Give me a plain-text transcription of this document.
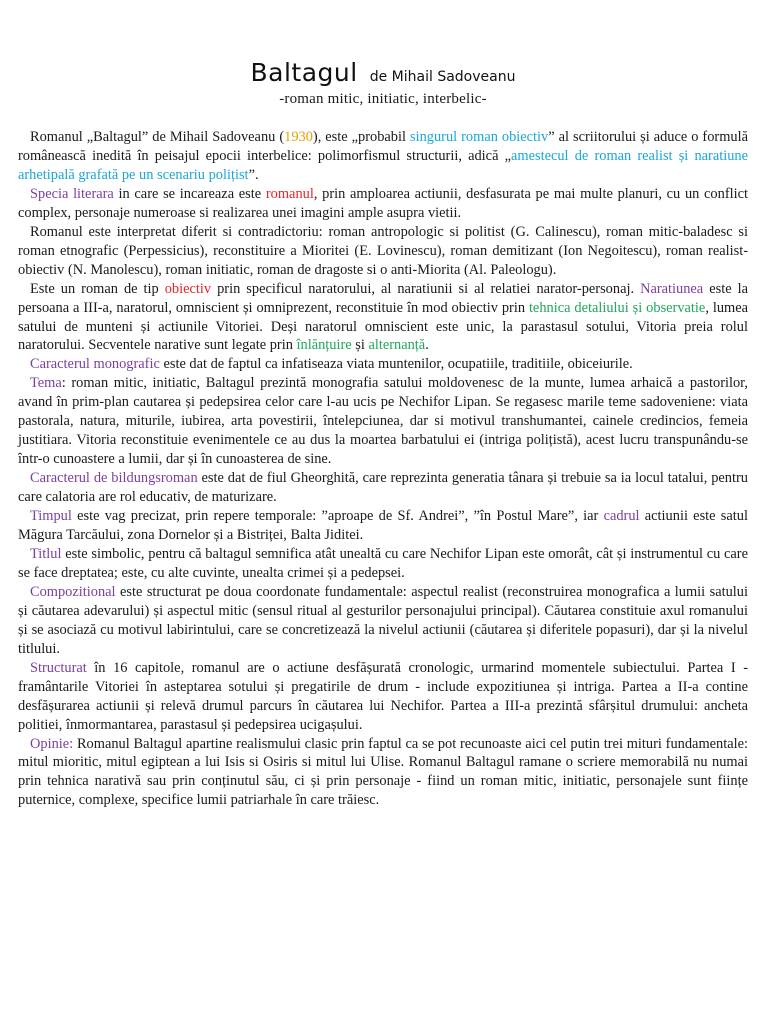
Baltagul de Mihail Sadoveanu
-roman mitic, initiatic, interbelic-

Romanul „Baltagul” de Mihail Sadoveanu (1930), este „probabil singurul roman obiectiv” al scriitorului și aduce o formulă românească inedită în peisajul epocii interbelice: polimorfismul structurii, adică „amestecul de roman realist și naratiune arhetipală grafată pe un scenariu polițist”.

Specia literara in care se incareaza este romanul, prin amploarea actiunii, desfasurata pe mai multe planuri, cu un conflict complex, personaje numeroase si realizarea unei imagini ample asupra vietii.

Romanul este interpretat diferit si contradictoriu: roman antropologic si politist (G. Calinescu), roman mitic-baladesc si roman etnografic (Perpessicius), reconstituire a Mioritei (E. Lovinescu), roman demitizant (Ion Negoitescu), roman realist-obiectiv (N. Manolescu), roman initiatic, roman de dragoste si o anti-Miorita (Al. Paleologu).

Este un roman de tip obiectiv prin specificul naratorului, al naratiunii si al relatiei narator-personaj. Naratiunea este la persoana a III-a, naratorul, omniscient și omniprezent, reconstituie în mod obiectiv prin tehnica detaliului și observatie, lumea satului de munteni și actiunile Vitoriei. Deși naratorul omniscient este unic, la parastasul sotului, Vitoria preia rolul naratorului. Secventele narative sunt legate prin înlănțuire și alternanță.

Caracterul monografic este dat de faptul ca infatiseaza viata muntenilor, ocupatiile, traditiile, obiceiurile.

Tema: roman mitic, initiatic, Baltagul prezintă monografia satului moldovenesc de la munte, lumea arhaică a pastorilor, avand în prim-plan cautarea și pedepsirea celor care l-au ucis pe Nechifor Lipan. Se regasesc marile teme sadoveniene: viata pastorala, natura, miturile, iubirea, arta povestirii, întelepciunea, dar si motivul transhumantei, cainele credincios, femeia justitiara. Vitoria reconstituie evenimentele ce au dus la moartea barbatului ei (intriga polițistă), acest lucru transpunându-se într-o cunoastere a lumii, dar și în cunoasterea de sine.

Caracterul de bildungsroman este dat de fiul Gheorghită, care reprezinta generatia tânara și trebuie sa ia locul tatalui, pentru care calatoria are rol educativ, de maturizare.

Timpul este vag precizat, prin repere temporale: ”aproape de Sf. Andrei”, ”în Postul Mare”, iar cadrul actiunii este satul Măgura Tarcăului, zona Dornelor și a Bistriței, Balta Jiditei.

Titlul este simbolic, pentru că baltagul semnifica atât unealtă cu care Nechifor Lipan este omorât, cât și instrumentul cu care se face dreptatea; este, cu alte cuvinte, unealta crimei și a pedepsei.

Compozitional este structurat pe doua coordonate fundamentale: aspectul realist (reconstruirea monografica a lumii satului și căutarea adevarului) și aspectul mitic (sensul ritual al gesturilor personajului principal). Căutarea constituie axul romanului și se asociază cu motivul labirintului, care se concretizează la nivelul actiunii (căutarea și diferitele popasuri), dar și la nivelul titlului.

Structurat în 16 capitole, romanul are o actiune desfășurată cronologic, urmarind momentele subiectului. Partea I - framântarile Vitoriei în asteptarea sotului și pregatirile de drum - include expozitiunea și intriga. Partea a II-a contine desfășurarea actiunii și relevă drumul parcurs în căutarea lui Nechifor. Partea a III-a prezintă sfârșitul drumului: ancheta politiei, înmormantarea, parastasul și pedepsirea ucigașului.

Opinie: Romanul Baltagul apartine realismului clasic prin faptul ca se pot recunoaste aici cel putin trei mituri fundamentale: mitul mioritic, mitul egiptean a lui Isis si Osiris si mitul lui Ulise. Romanul Baltagul ramane o scriere memorabilă nu numai prin tehnica narativă sau prin conținutul său, ci și prin personaje - fiind un roman mitic, initiatic, personajele sunt ființe puternice, complexe, specifice lumii patriarhale în care trăiesc.
